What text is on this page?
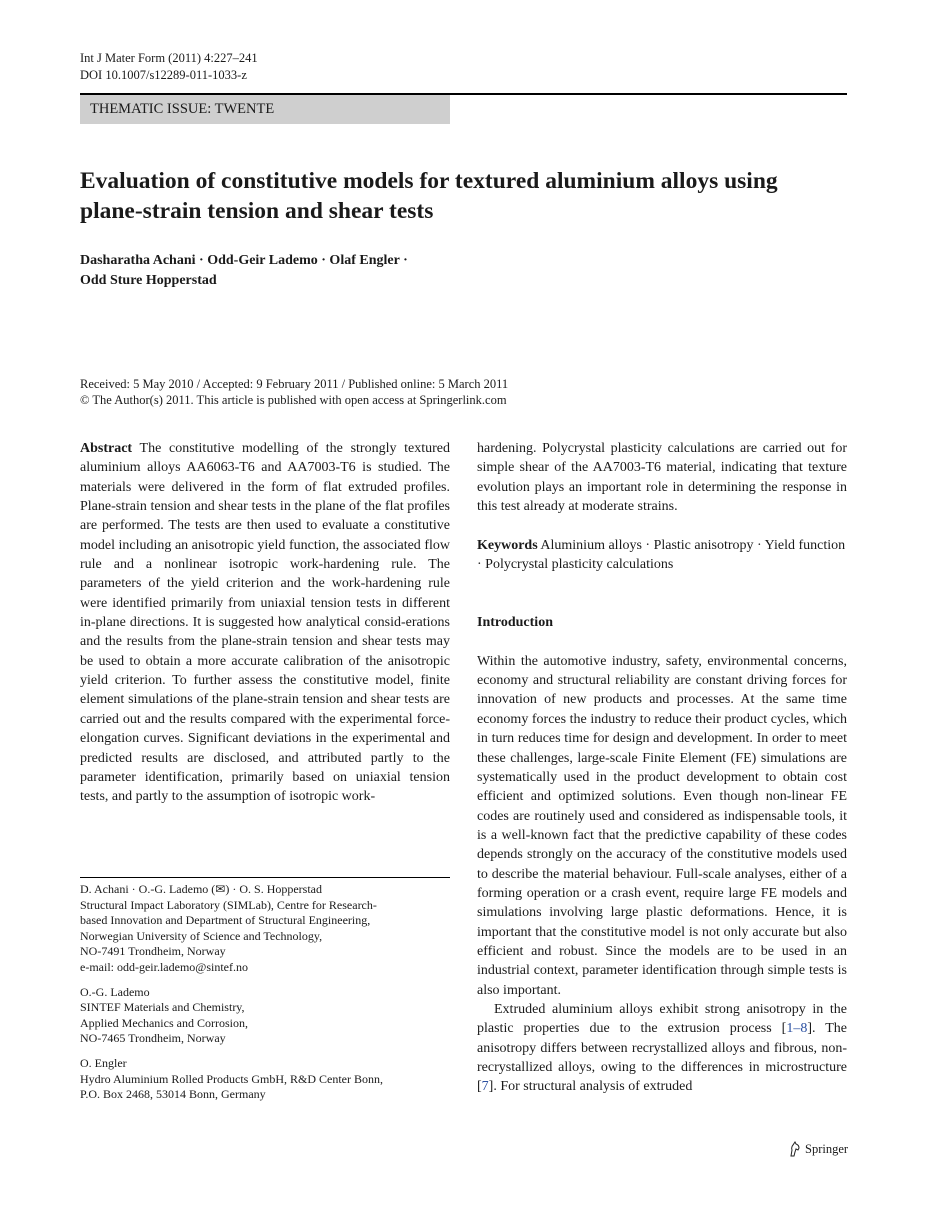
Int J Mater Form (2011) 4:227–241
DOI 10.1007/s12289-011-1033-z
THEMATIC ISSUE: TWENTE
Evaluation of constitutive models for textured aluminium alloys using plane-strain tension and shear tests
Dasharatha Achani · Odd-Geir Lademo · Olaf Engler ·
Odd Sture Hopperstad
Received: 5 May 2010 / Accepted: 9 February 2011 / Published online: 5 March 2011
© The Author(s) 2011. This article is published with open access at Springerlink.com

Abstract The constitutive modelling of the strongly textured aluminium alloys AA6063-T6 and AA7003-T6 is studied. The materials were delivered in the form of flat extruded profiles. Plane-strain tension and shear tests in the plane of the flat profiles are performed. The tests are then used to evaluate a constitutive model including an anisotropic yield function, the associated flow rule and a nonlinear isotropic work-hardening rule. The parameters of the yield criterion and the work-hardening rule were identified primarily from uniaxial tension tests in different in-plane directions. It is suggested how analytical consid-erations and the results from the plane-strain tension and shear tests may be used to obtain a more accurate calibration of the anisotropic yield criterion. To further assess the constitutive model, finite element simulations of the plane-strain tension and shear tests are carried out and the results compared with the experimental force-elongation curves. Significant deviations in the experimental and predicted results are disclosed, and attributed partly to the parameter identification, primarily based on uniaxial tension tests, and partly to the assumption of isotropic work-

D. Achani · O.-G. Lademo (✉) · O. S. Hopperstad
Structural Impact Laboratory (SIMLab), Centre for Research-
based Innovation and Department of Structural Engineering,
Norwegian University of Science and Technology,
NO-7491 Trondheim, Norway
e-mail: odd-geir.lademo@sintef.no

O.-G. Lademo
SINTEF Materials and Chemistry,
Applied Mechanics and Corrosion,
NO-7465 Trondheim, Norway

O. Engler
Hydro Aluminium Rolled Products GmbH, R&D Center Bonn,
P.O. Box 2468, 53014 Bonn, Germany

hardening. Polycrystal plasticity calculations are carried out for simple shear of the AA7003-T6 material, indicating that texture evolution plays an important role in determining the response in this test already at moderate strains.

Keywords Aluminium alloys · Plastic anisotropy · Yield function · Polycrystal plasticity calculations

Introduction

Within the automotive industry, safety, environmental concerns, economy and structural reliability are constant driving forces for innovation of new products and processes. At the same time economy forces the industry to reduce their product cycles, which in turn reduces time for design and development. In order to meet these challenges, large-scale Finite Element (FE) simulations are systematically used in the product development to obtain cost efficient and optimized solutions. Even though non-linear FE codes are routinely used and considered as indispensable tools, it is a well-known fact that the predictive capability of these codes depends strongly on the accuracy of the constitutive models used to describe the material behaviour. Full-scale analyses, either of a forming operation or a crash event, require large FE models and simulations involving large plastic deformations. Hence, it is important that the constitutive model is not only accurate but also efficient and robust. Since the models are to be used in an industrial context, parameter identification through simple tests is also important.

Extruded aluminium alloys exhibit strong anisotropy in the plastic properties due to the extrusion process [1–8]. The anisotropy differs between recrystallized alloys and fibrous, non-recrystallized alloys, owing to the differences in microstructure [7]. For structural analysis of extruded

Springer
